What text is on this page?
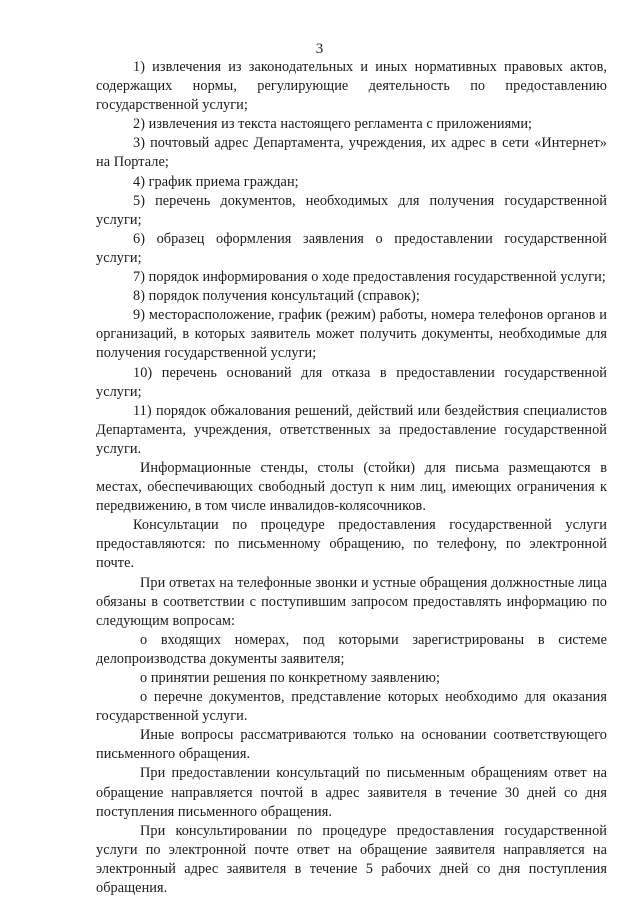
3

1) извлечения из законодательных и иных нормативных правовых актов, содержащих нормы, регулирующие деятельность по предоставлению государственной услуги;

2) извлечения из текста настоящего регламента с приложениями;

3) почтовый адрес Департамента, учреждения, их адрес в сети «Интернет» на Портале;

4) график приема граждан;

5) перечень документов, необходимых для получения государственной услуги;

6) образец оформления заявления о предоставлении государственной услуги;

7) порядок информирования о ходе предоставления государственной услуги;

8) порядок получения консультаций (справок);

9) месторасположение, график (режим) работы, номера телефонов органов и организаций, в которых заявитель может получить документы, необходимые для получения государственной услуги;

10) перечень оснований для отказа в предоставлении государственной услуги;

11) порядок обжалования решений, действий или бездействия специалистов Департамента, учреждения, ответственных за предоставление государственной услуги.

Информационные стенды, столы (стойки) для письма размещаются в местах, обеспечивающих свободный доступ к ним лиц, имеющих ограничения к передвижению, в том числе инвалидов-колясочников.

Консультации по процедуре предоставления государственной услуги предоставляются: по письменному обращению, по телефону, по электронной почте.

При ответах на телефонные звонки и устные обращения должностные лица обязаны в соответствии с поступившим запросом предоставлять информацию по следующим вопросам:

о входящих номерах, под которыми зарегистрированы в системе делопроизводства документы заявителя;

о принятии решения по конкретному заявлению;

о перечне документов, представление которых необходимо для оказания государственной услуги.

Иные вопросы рассматриваются только на основании соответствующего письменного обращения.

При предоставлении консультаций по письменным обращениям ответ на обращение направляется почтой в адрес заявителя в течение 30 дней со дня поступления письменного обращения.

При консультировании по процедуре предоставления государственной услуги по электронной почте ответ на обращение заявителя направляется на электронный адрес заявителя в течение 5 рабочих дней со дня поступления обращения.
